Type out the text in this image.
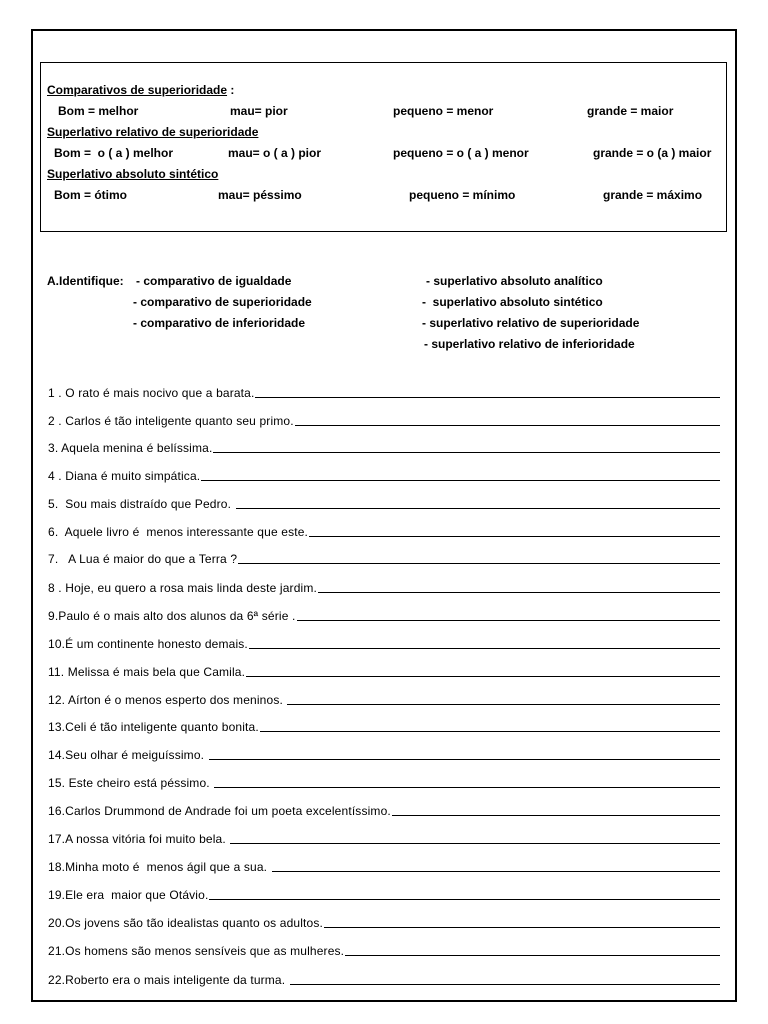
Comparativos de superioridade :
Bom = melhor	mau= pior	pequeno = menor	grande = maior
Superlativo relativo de superioridade
Bom =  o ( a ) melhor	mau= o ( a ) pior	pequeno = o ( a ) menor	grande = o (a ) maior
Superlativo absoluto sintético
Bom = ótimo	mau= péssimo	pequeno = mínimo	grande = máximo
A.Identifique: - comparativo de igualdade
- comparativo de superioridade
- comparativo de inferioridade
- superlativo absoluto analítico
-  superlativo absoluto sintético
- superlativo relativo de superioridade
- superlativo relativo de inferioridade
1 . O rato é mais nocivo que a barata.
2 . Carlos é tão inteligente quanto seu primo.
3. Aquela menina é belíssima.
4 . Diana é muito simpática.
5.  Sou mais distraído que Pedro.
6.  Aquele livro é  menos interessante que este.
7.   A Lua é maior do que a Terra ?
8 . Hoje, eu quero a rosa mais linda deste jardim.
9.Paulo é o mais alto dos alunos da 6ª série .
10.É um continente honesto demais.
11. Melissa é mais bela que Camila.
12. Aírton é o menos esperto dos meninos.
13.Celi é tão inteligente quanto bonita.
14.Seu olhar é meiguíssimo.
15. Este cheiro está péssimo.
16.Carlos Drummond de Andrade foi um poeta excelentíssimo.
17.A nossa vitória foi muito bela.
18.Minha moto é  menos ágil que a sua.
19.Ele era  maior que Otávio.
20.Os jovens são tão idealistas quanto os adultos.
21.Os homens são menos sensíveis que as mulheres.
22.Roberto era o mais inteligente da turma.
